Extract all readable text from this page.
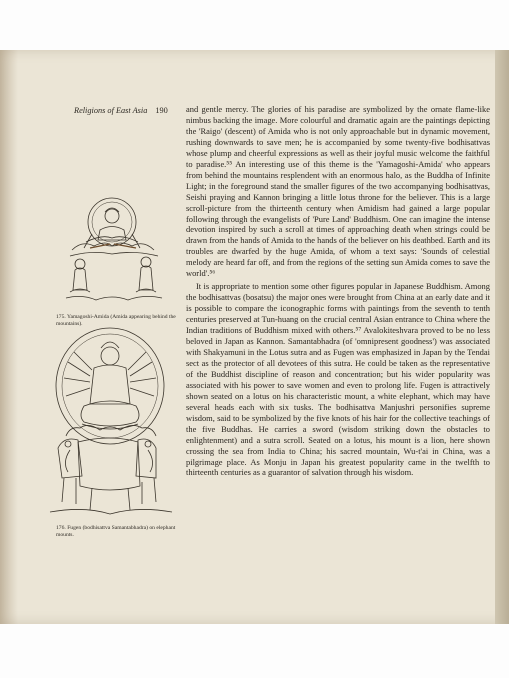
Religions of East Asia 190
175. Yamagoshi-Amida (Amida appearing behind the mountains).
176. Fugen (bodhisattva Samantabhadra) on elephant mounts.

and gentle mercy. The glories of his paradise are symbolized by the ornate flame-like nimbus backing the image. More colourful and dramatic again are the paintings depicting the 'Raigo' (descent) of Amida who is not only approachable but in dynamic movement, rushing downwards to save men; he is accompanied by some twenty-five bodhisattvas whose plump and cheerful expressions as well as their joyful music welcome the faithful to paradise.⁵⁵ An interesting use of this theme is the 'Yamagoshi-Amida' who appears from behind the mountains resplendent with an enormous halo, as the Buddha of Infinite Light; in the foreground stand the smaller figures of the two accompanying bodhisattvas, Seishi praying and Kannon bringing a little lotus throne for the believer. This is a large scroll-picture from the thirteenth century when Amidism had gained a large popular following through the evangelists of 'Pure Land' Buddhism. One can imagine the intense devotion inspired by such a scroll at times of approaching death when strings could be drawn from the hands of Amida to the hands of the believer on his deathbed. Earth and its troubles are dwarfed by the huge Amida, of whom a text says: 'Sounds of celestial melody are heard far off, and from the regions of the setting sun Amida comes to save the world'.⁵⁶

It is appropriate to mention some other figures popular in Japanese Buddhism. Among the bodhisattvas (bosatsu) the major ones were brought from China at an early date and it is possible to compare the iconographic forms with paintings from the seventh to tenth centuries preserved at Tun-huang on the crucial central Asian entrance to China where the Indian traditions of Buddhism mixed with others.⁵⁷ Avalokiteshvara proved to be no less beloved in Japan as Kannon. Samantabhadra (of 'omnipresent goodness') was associated with Shakyamuni in the Lotus sutra and as Fugen was emphasized in Japan by the Tendai sect as the protector of all devotees of this sutra. He could be taken as the representative of the Buddhist discipline of reason and concentration; but his wider popularity was associated with his power to save women and even to prolong life. Fugen is attractively shown seated on a lotus on his characteristic mount, a white elephant, which may have several heads each with six tusks. The bodhisattva Manjushri personifies supreme wisdom, said to be symbolized by the five knots of his hair for the collective teachings of the five Buddhas. He carries a sword (wisdom striking down the obstacles to enlightenment) and a sutra scroll. Seated on a lotus, his mount is a lion, here shown crossing the sea from India to China; his sacred mountain, Wu-t'ai in China, was a pilgrimage place. As Monju in Japan his greatest popularity came in the twelfth to thirteenth centuries as a guarantor of salvation through his wisdom.
